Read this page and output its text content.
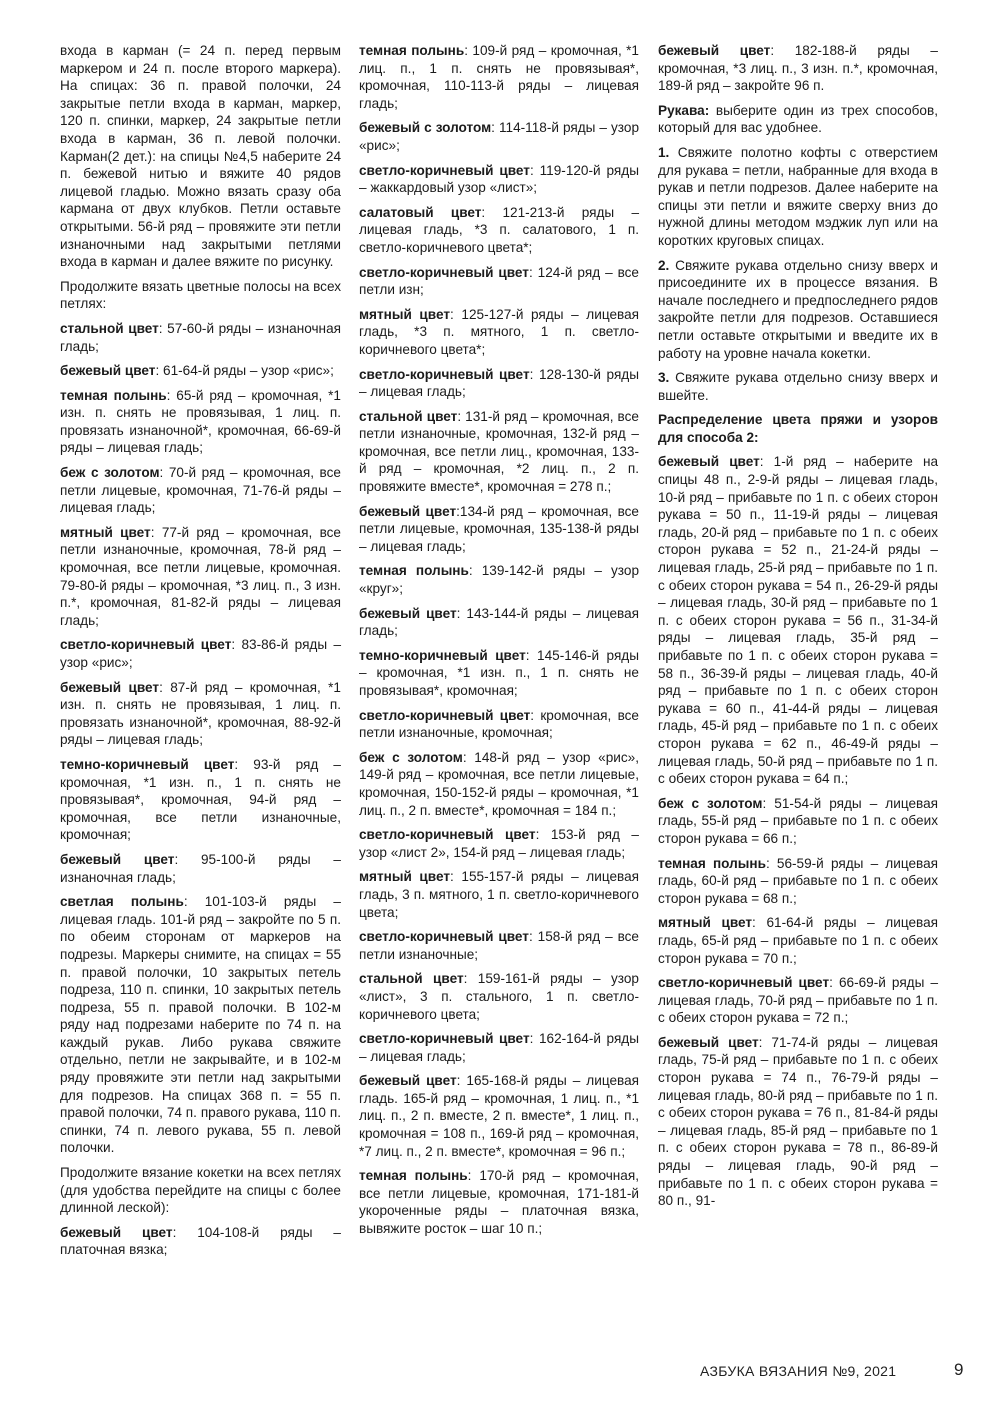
входа в карман (= 24 п. перед первым маркером и 24 п. после второго маркера). На спицах: 36 п. правой полочки, 24 закрытые петли входа в карман, маркер, 120 п. спинки, маркер, 24 закрытые петли входа в карман, 36 п. левой полочки. Карман(2 дет.): на спицы №4,5 наберите 24 п. бежевой нитью и вяжите 40 рядов лицевой гладью. Можно вязать сразу оба кармана от двух клубков. Петли оставьте открытыми. 56-й ряд – провяжите эти петли изнаночными над закрытыми петлями входа в карман и далее вяжите по рисунку.

Продолжите вязать цветные полосы на всех петлях:

стальной цвет: 57-60-й ряды – изнаночная гладь;

бежевый цвет: 61-64-й ряды – узор «рис»;

темная полынь: 65-й ряд – кромочная, *1 изн. п. снять не провязывая, 1 лиц. п. провязать изнаночной*, кромочная, 66-69-й ряды – лицевая гладь;

беж с золотом: 70-й ряд – кромочная, все петли лицевые, кромочная, 71-76-й ряды – лицевая гладь;

мятный цвет: 77-й ряд – кромочная, все петли изнаночные, кромочная, 78-й ряд – кромочная, все петли лицевые, кромочная. 79-80-й ряды – кромочная, *3 лиц. п., 3 изн. п.*, кромочная, 81-82-й ряды – лицевая гладь;

светло-коричневый цвет: 83-86-й ряды – узор «рис»;

бежевый цвет: 87-й ряд – кромочная, *1 изн. п. снять не провязывая, 1 лиц. п. провязать изнаночной*, кромочная, 88-92-й ряды – лицевая гладь;

темно-коричневый цвет: 93-й ряд – кромочная, *1 изн. п., 1 п. снять не провязывая*, кромочная, 94-й ряд – кромочная, все петли изнаночные, кромочная;

бежевый цвет: 95-100-й ряды – изнаночная гладь;

светлая полынь: 101-103-й ряды – лицевая гладь. 101-й ряд – закройте по 5 п. по обеим сторонам от маркеров на подрезы. Маркеры снимите, на спицах = 55 п. правой полочки, 10 закрытых петель подреза, 110 п. спинки, 10 закрытых петель подреза, 55 п. правой полочки. В 102-м ряду над подрезами наберите по 74 п. на каждый рукав. Либо рукава свяжите отдельно, петли не закрывайте, и в 102-м ряду провяжите эти петли над закрытыми для подрезов. На спицах 368 п. = 55 п. правой полочки, 74 п. правого рукава, 110 п. спинки, 74 п. левого рукава, 55 п. левой полочки.

Продолжите вязание кокетки на всех петлях (для удобства перейдите на спицы с более длинной леской):

бежевый цвет: 104-108-й ряды – платочная вязка;

темная полынь: 109-й ряд – кромочная, *1 лиц. п., 1 п. снять не провязывая*, кромочная, 110-113-й ряды – лицевая гладь;

бежевый с золотом: 114-118-й ряды – узор «рис»;

светло-коричневый цвет: 119-120-й ряды – жаккардовый узор «лист»;

салатовый цвет: 121-213-й ряды – лицевая гладь, *3 п. салатового, 1 п. светло-коричневого цвета*;

светло-коричневый цвет: 124-й ряд – все петли изн;

мятный цвет: 125-127-й ряды – лицевая гладь, *3 п. мятного, 1 п. светло-коричневого цвета*;

светло-коричневый цвет: 128-130-й ряды – лицевая гладь;

стальной цвет: 131-й ряд – кромочная, все петли изнаночные, кромочная, 132-й ряд – кромочная, все петли лиц., кромочная, 133-й ряд – кромочная, *2 лиц. п., 2 п. провяжите вместе*, кромочная = 278 п.;

бежевый цвет:134-й ряд – кромочная, все петли лицевые, кромочная, 135-138-й ряды – лицевая гладь;

темная полынь: 139-142-й ряды – узор «круг»;

бежевый цвет: 143-144-й ряды – лицевая гладь;

темно-коричневый цвет: 145-146-й ряды – кромочная, *1 изн. п., 1 п. снять не провязывая*, кромочная;

светло-коричневый цвет: кромочная, все петли изнаночные, кромочная;

беж с золотом: 148-й ряд – узор «рис», 149-й ряд – кромочная, все петли лицевые, кромочная, 150-152-й ряды – кромочная, *1 лиц. п., 2 п. вместе*, кромочная = 184 п.;

светло-коричневый цвет: 153-й ряд – узор «лист 2», 154-й ряд – лицевая гладь;

мятный цвет: 155-157-й ряды – лицевая гладь, 3 п. мятного, 1 п. светло-коричневого цвета;

светло-коричневый цвет: 158-й ряд – все петли изнаночные;

стальной цвет: 159-161-й ряды – узор «лист», 3 п. стального, 1 п. светло-коричневого цвета;

светло-коричневый цвет: 162-164-й ряды – лицевая гладь;

бежевый цвет: 165-168-й ряды – лицевая гладь. 165-й ряд – кромочная, 1 лиц. п., *1 лиц. п., 2 п. вместе, 2 п. вместе*, 1 лиц. п., кромочная = 108 п., 169-й ряд – кромочная, *7 лиц. п., 2 п. вместе*, кромочная = 96 п.;

темная полынь: 170-й ряд – кромочная, все петли лицевые, кромочная, 171-181-й укороченные ряды – платочная вязка, вывяжите росток – шаг 10 п.;

бежевый цвет: 182-188-й ряды – кромочная, *3 лиц. п., 3 изн. п.*, кромочная, 189-й ряд – закройте 96 п.

Рукава: выберите один из трех способов, который для вас удобнее.

1. Свяжите полотно кофты с отверстием для рукава = петли, набранные для входа в рукав и петли подрезов. Далее наберите на спицы эти петли и вяжите сверху вниз до нужной длины методом мэджик луп или на коротких круговых спицах.

2. Свяжите рукава отдельно снизу вверх и присоедините их в процессе вязания. В начале последнего и предпоследнего рядов закройте петли для подрезов. Оставшиеся петли оставьте открытыми и введите их в работу на уровне начала кокетки.

3. Свяжите рукава отдельно снизу вверх и вшейте.

Распределение цвета пряжи и узоров для способа 2:

бежевый цвет: 1-й ряд – наберите на спицы 48 п., 2-9-й ряды – лицевая гладь, 10-й ряд – прибавьте по 1 п. с обеих сторон рукава = 50 п., 11-19-й ряды – лицевая гладь, 20-й ряд – прибавьте по 1 п. с обеих сторон рукава = 52 п., 21-24-й ряды – лицевая гладь, 25-й ряд – прибавьте по 1 п. с обеих сторон рукава = 54 п., 26-29-й ряды – лицевая гладь, 30-й ряд – прибавьте по 1 п. с обеих сторон рукава = 56 п., 31-34-й ряды – лицевая гладь, 35-й ряд – прибавьте по 1 п. с обеих сторон рукава = 58 п., 36-39-й ряды – лицевая гладь, 40-й ряд – прибавьте по 1 п. с обеих сторон рукава = 60 п., 41-44-й ряды – лицевая гладь, 45-й ряд – прибавьте по 1 п. с обеих сторон рукава = 62 п., 46-49-й ряды – лицевая гладь, 50-й ряд – прибавьте по 1 п. с обеих сторон рукава = 64 п.;

беж с золотом: 51-54-й ряды – лицевая гладь, 55-й ряд – прибавьте по 1 п. с обеих сторон рукава = 66 п.;

темная полынь: 56-59-й ряды – лицевая гладь, 60-й ряд – прибавьте по 1 п. с обеих сторон рукава = 68 п.;

мятный цвет: 61-64-й ряды – лицевая гладь, 65-й ряд – прибавьте по 1 п. с обеих сторон рукава = 70 п.;

светло-коричневый цвет: 66-69-й ряды – лицевая гладь, 70-й ряд – прибавьте по 1 п. с обеих сторон рукава = 72 п.;

бежевый цвет: 71-74-й ряды – лицевая гладь, 75-й ряд – прибавьте по 1 п. с обеих сторон рукава = 74 п., 76-79-й ряды – лицевая гладь, 80-й ряд – прибавьте по 1 п. с обеих сторон рукава = 76 п., 81-84-й ряды – лицевая гладь, 85-й ряд – прибавьте по 1 п. с обеих сторон рукава = 78 п., 86-89-й ряды – лицевая гладь, 90-й ряд – прибавьте по 1 п. с обеих сторон рукава = 80 п., 91-

АЗБУКА ВЯЗАНИЯ №9, 2021	9
